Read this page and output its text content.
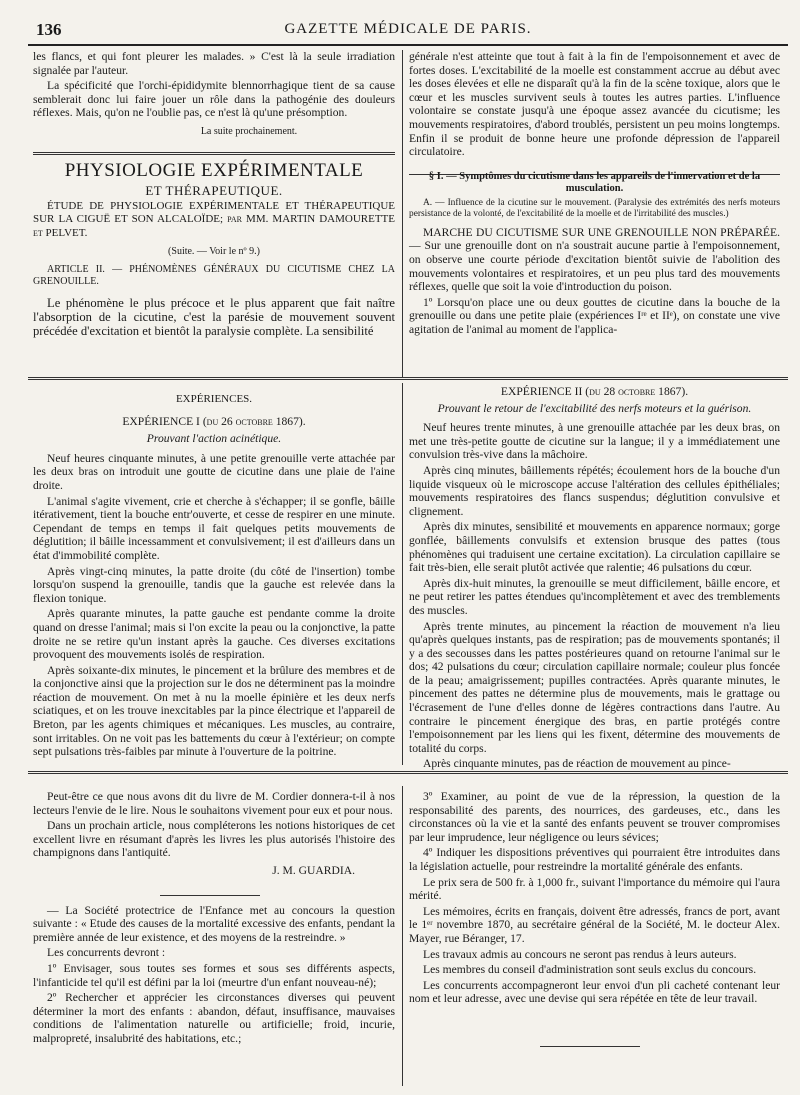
136	GAZETTE MÉDICALE DE PARIS.

les flancs, et qui font pleurer les malades. » C'est là la seule irradiation signalée par l'auteur.

La spécificité que l'orchi-épididymite blennorrhagique tient de sa cause semblerait donc lui faire jouer un rôle dans la pathogénie des douleurs réflexes. Mais, qu'on ne l'oublie pas, ce n'est là qu'une présomption.

La suite prochainement.

PHYSIOLOGIE EXPÉRIMENTALE

ET THÉRAPEUTIQUE.

ÉTUDE DE PHYSIOLOGIE EXPÉRIMENTALE ET THÉRAPEUTIQUE SUR LA CIGUË ET SON ALCALOÏDE; par MM. MARTIN DAMOURETTE et PELVET.

(Suite. — Voir le nº 9.)

ARTICLE II. — PHÉNOMÈNES GÉNÉRAUX DU CICUTISME CHEZ LA GRENOUILLE.

Le phénomène le plus précoce et le plus apparent que fait naître l'absorption de la cicutine, c'est la parésie de mouvement souvent précédée d'excitation et bientôt la paralysie complète. La sensibilité

générale n'est atteinte que tout à fait à la fin de l'empoisonnement et avec de fortes doses. L'excitabilité de la moelle est constamment accrue au début avec les doses élevées et elle ne disparaît qu'à la fin de la scène toxique, alors que le cœur et les muscles survivent seuls à toutes les autres parties. L'influence volontaire se constate jusqu'à une époque assez avancée du cicutisme; les mouvements respiratoires, d'abord troublés, persistent un peu moins longtemps. Enfin il se produit de bonne heure une profonde dépression de l'appareil circulatoire.

§ I. — Symptômes du cicutisme dans les appareils de l'innervation et de la musculation.

A. — Influence de la cicutine sur le mouvement. (Paralysie des extrémités des nerfs moteurs persistance de la volonté, de l'excitabilité de la moelle et de l'irritabilité des muscles.)

MARCHE DU CICUTISME SUR UNE GRENOUILLE NON PRÉPARÉE. — Sur une grenouille dont on n'a soustrait aucune partie à l'empoisonnement, on observe une courte période d'excitation bientôt suivie de l'abolition des mouvements volontaires et respiratoires, et un peu plus tard des mouvements réflexes, quelle que soit la voie d'introduction du poison.

1º Lorsqu'on place une ou deux gouttes de cicutine dans la bouche de la grenouille ou dans une petite plaie (expériences Iʳᵉ et IIᵉ), on constate une vive agitation de l'animal au moment de l'applica-

EXPÉRIENCES.

EXPÉRIENCE I (du 26 octobre 1867).

Prouvant l'action acinétique.

Neuf heures cinquante minutes, à une petite grenouille verte attachée par les deux bras on introduit une goutte de cicutine dans une plaie de l'aine droite.

L'animal s'agite vivement, crie et cherche à s'échapper; il se gonfle, bâille itérativement, tient la bouche entr'ouverte, et cesse de respirer en une minute. Cependant de temps en temps il fait quelques petits mouvements de déglutition; il bâille incessamment et convulsivement; il est d'ailleurs dans un état d'immobilité complète.

Après vingt-cinq minutes, la patte droite (du côté de l'insertion) tombe lorsqu'on suspend la grenouille, tandis que la gauche est relevée dans la flexion tonique.

Après quarante minutes, la patte gauche est pendante comme la droite quand on dresse l'animal; mais si l'on excite la peau ou la conjonctive, la patte droite ne se retire qu'un instant après la gauche. Ces diverses excitations provoquent des mouvements isolés de respiration.

Après soixante-dix minutes, le pincement et la brûlure des membres et de la conjonctive ainsi que la projection sur le dos ne déterminent pas la moindre réaction de mouvement. On met à nu la moelle épinière et les deux nerfs sciatiques, et on les trouve inexcitables par la pince électrique et l'appareil de Breton, par les agents chimiques et mécaniques. Les muscles, au contraire, sont irritables. On ne voit pas les battements du cœur à l'extérieur; on compte sept pulsations très-faibles par minute à l'ouverture de la poitrine.

EXPÉRIENCE II (du 28 octobre 1867).

Prouvant le retour de l'excitabilité des nerfs moteurs et la guérison.

Neuf heures trente minutes, à une grenouille attachée par les deux bras, on met une très-petite goutte de cicutine sur la langue; il y a immédiatement une convulsion très-vive dans la mâchoire.

Après cinq minutes, bâillements répétés; écoulement hors de la bouche d'un liquide visqueux où le microscope accuse l'altération des cellules épithéliales; mouvements respiratoires des flancs suspendus; déglutition convulsive et clignement.

Après dix minutes, sensibilité et mouvements en apparence normaux; gorge gonflée, bâillements convulsifs et extension brusque des pattes (tous phénomènes qui traduisent une certaine excitation). La circulation capillaire se fait très-bien, elle serait plutôt activée que ralentie; 46 pulsations du cœur.

Après dix-huit minutes, la grenouille se meut difficilement, bâille encore, et ne peut retirer les pattes étendues qu'incomplètement et avec des tremblements des muscles.

Après trente minutes, au pincement la réaction de mouvement n'a lieu qu'après quelques instants, pas de respiration; pas de mouvements spontanés; il y a des secousses dans les pattes postérieures quand on retourne l'animal sur le dos; 42 pulsations du cœur; circulation capillaire normale; couleur plus foncée de la peau; amaigrissement; pupilles contractées. Après quarante minutes, le pincement des pattes ne détermine plus de mouvements, mais le grattage ou l'écrasement de l'une d'elles donne de légères contractions dans l'autre. Au contraire le pincement énergique des bras, en partie protégés contre l'empoisonnement par les liens qui les fixent, détermine des mouvements de totalité du corps.

Après cinquante minutes, pas de réaction de mouvement au pince-

Peut-être ce que nous avons dit du livre de M. Cordier donnera-t-il à nos lecteurs l'envie de le lire. Nous le souhaitons vivement pour eux et pour nous.

Dans un prochain article, nous compléterons les notions historiques de cet excellent livre en résumant d'après les livres les plus autorisés l'histoire des champignons dans l'antiquité.

J. M. GUARDIA.

— La Société protectrice de l'Enfance met au concours la question suivante : « Etude des causes de la mortalité excessive des enfants, pendant la première année de leur existence, et des moyens de la restreindre. »

Les concurrents devront :

1º Envisager, sous toutes ses formes et sous ses différents aspects, l'infanticide tel qu'il est défini par la loi (meurtre d'un enfant nouveau-né);

2º Rechercher et apprécier les circonstances diverses qui peuvent déterminer la mort des enfants : abandon, défaut, insuffisance, mauvaises conditions de l'alimentation naturelle ou artificielle; froid, incurie, malpropreté, insalubrité des habitations, etc.;

3º Examiner, au point de vue de la répression, la question de la responsabilité des parents, des nourrices, des gardeuses, etc., dans les circonstances où la vie et la santé des enfants peuvent se trouver compromises par leur imprudence, leur négligence ou leurs sévices;

4º Indiquer les dispositions préventives qui pourraient être introduites dans la législation actuelle, pour restreindre la mortalité générale des enfants.

Le prix sera de 500 fr. à 1,000 fr., suivant l'importance du mémoire qui l'aura mérité.

Les mémoires, écrits en français, doivent être adressés, francs de port, avant le 1ᵉʳ novembre 1870, au secrétaire général de la Société, M. le docteur Alex. Mayer, rue Béranger, 17.

Les travaux admis au concours ne seront pas rendus à leurs auteurs.

Les membres du conseil d'administration sont seuls exclus du concours.

Les concurrents accompagneront leur envoi d'un pli cacheté contenant leur nom et leur adresse, avec une devise qui sera répétée en tête de leur travail.
